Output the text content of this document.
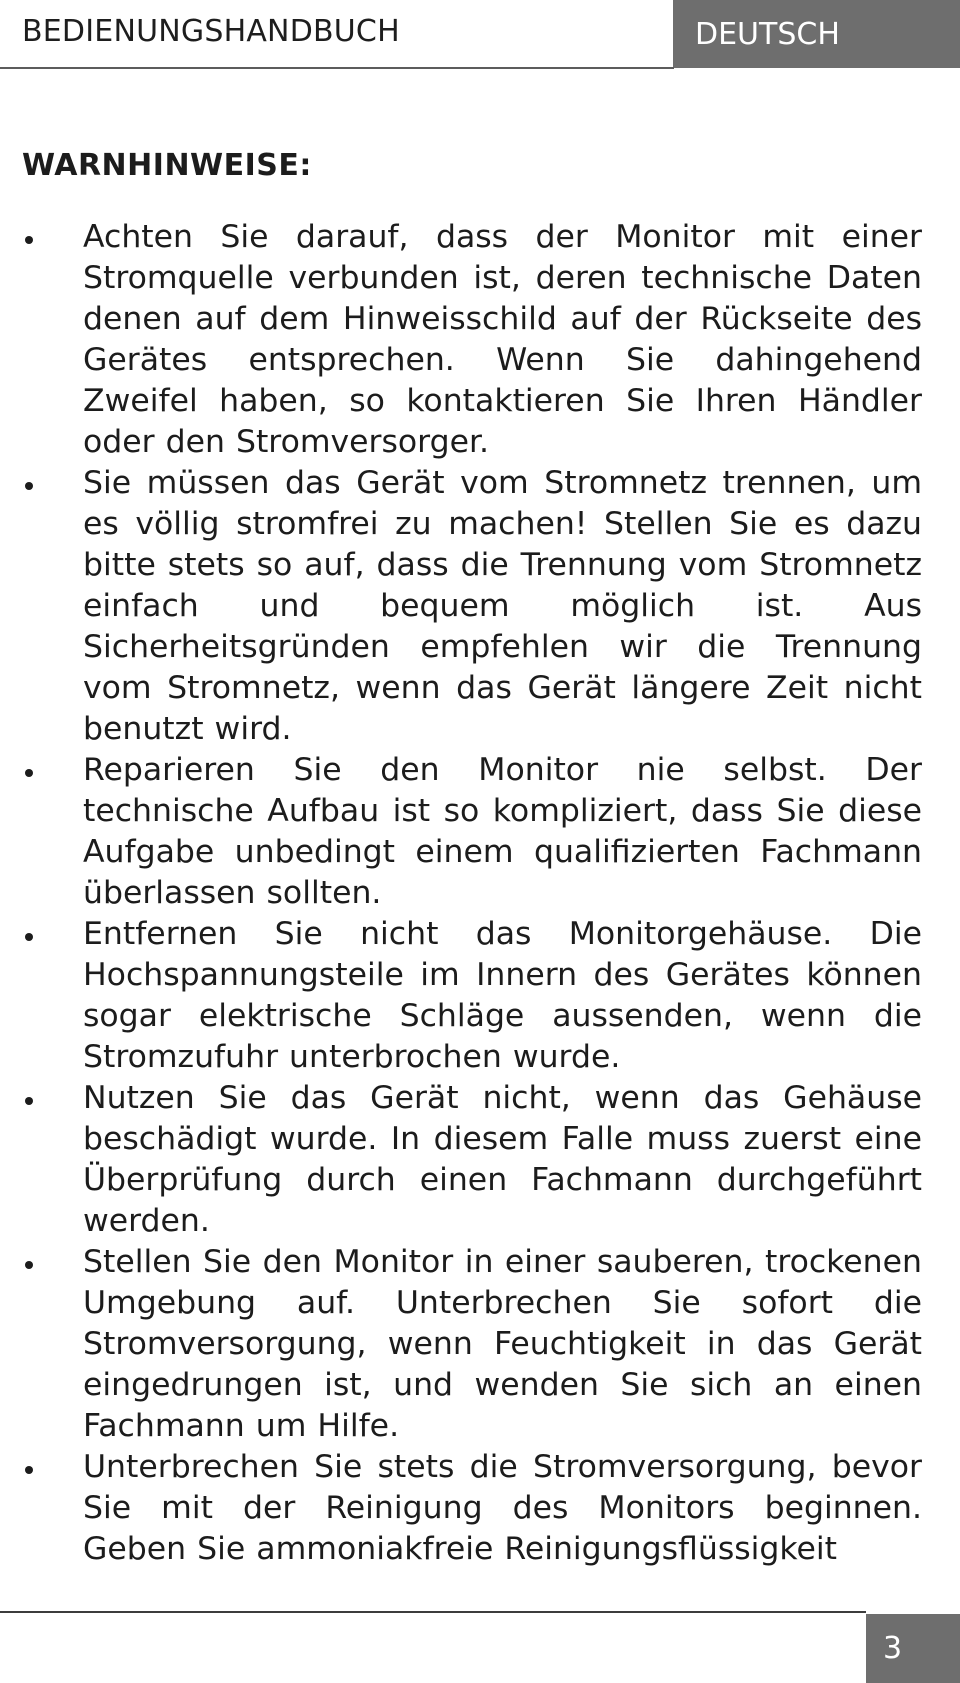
BEDIENUNGSHANDBUCH	DEUTSCH
WARNHINWEISE:
Achten Sie darauf, dass der Monitor mit einer Stromquelle verbunden ist, deren technische Daten denen auf dem Hinweisschild auf der Rückseite des Gerätes entsprechen. Wenn Sie dahingehend Zweifel haben, so kontaktieren Sie Ihren Händler oder den Stromversorger.
Sie müssen das Gerät vom Stromnetz trennen, um es völlig stromfrei zu machen! Stellen Sie es dazu bitte stets so auf, dass die Trennung vom Stromnetz einfach und bequem möglich ist. Aus Sicherheitsgründen empfehlen wir die Trennung vom Stromnetz, wenn das Gerät längere Zeit nicht benutzt wird.
Reparieren Sie den Monitor nie selbst. Der technische Aufbau ist so kompliziert, dass Sie diese Aufgabe unbedingt einem qualifizierten Fachmann überlassen sollten.
Entfernen Sie nicht das Monitorgehäuse. Die Hochspannungsteile im Innern des Gerätes können sogar elektrische Schläge aussenden, wenn die Stromzufuhr unterbrochen wurde.
Nutzen Sie das Gerät nicht, wenn das Gehäuse beschädigt wurde. In diesem Falle muss zuerst eine Überprüfung durch einen Fachmann durchgeführt werden.
Stellen Sie den Monitor in einer sauberen, trockenen Umgebung auf. Unterbrechen Sie sofort die Stromversorgung, wenn Feuchtigkeit in das Gerät eingedrungen ist, und wenden Sie sich an einen Fachmann um Hilfe.
Unterbrechen Sie stets die Stromversorgung, bevor Sie mit der Reinigung des Monitors beginnen. Geben Sie ammoniakfreie Reinigungsflüssigkeit
3
